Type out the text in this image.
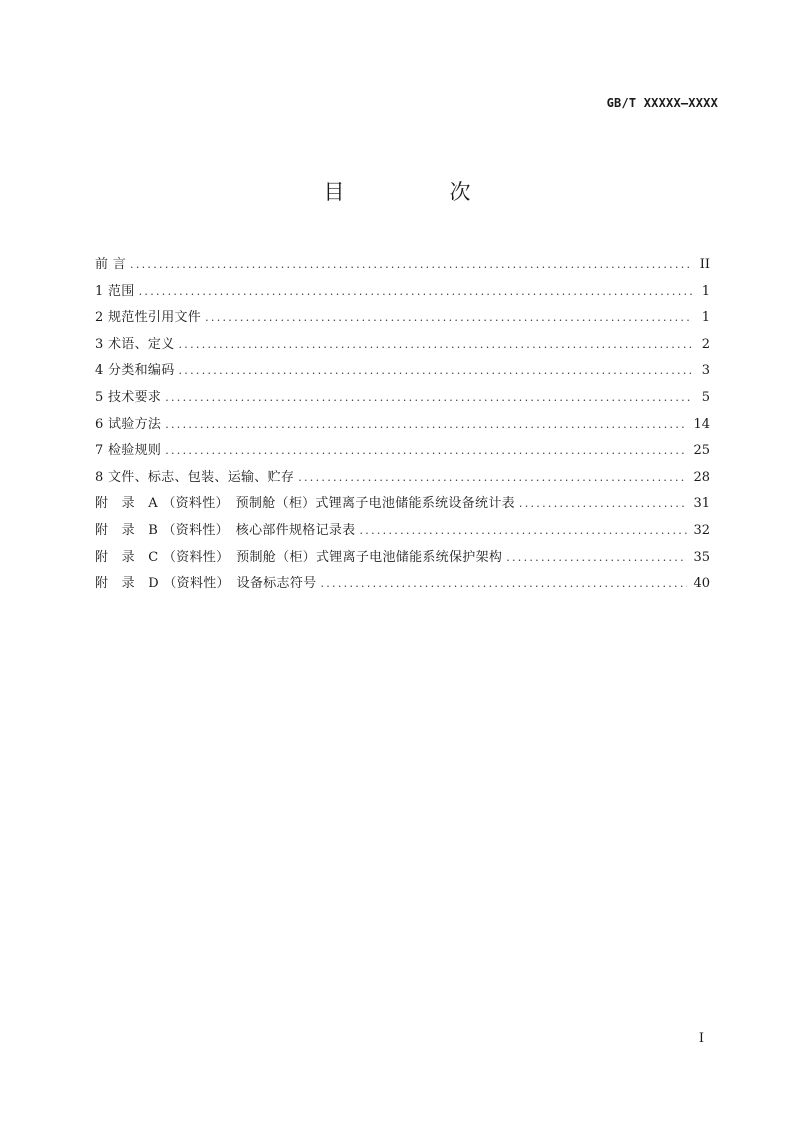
GB/T XXXXX—XXXX
目　次
前 言 .....	II
1 范围 .....	1
2 规范性引用文件 .....	1
3 术语、定义 .....	2
4 分类和编码 .....	3
5 技术要求 .....	5
6 试验方法 .....	14
7 检验规则 .....	25
8 文件、标志、包装、运输、贮存 .....	28
附　录　A （资料性）　预制舱（柜）式锂离子电池储能系统设备统计表 .....	31
附　录　B （资料性）　核心部件规格记录表 .....	32
附　录　C （资料性）　预制舱（柜）式锂离子电池储能系统保护架构 .....	35
附　录　D （资料性）　设备标志符号 .....	40
I
